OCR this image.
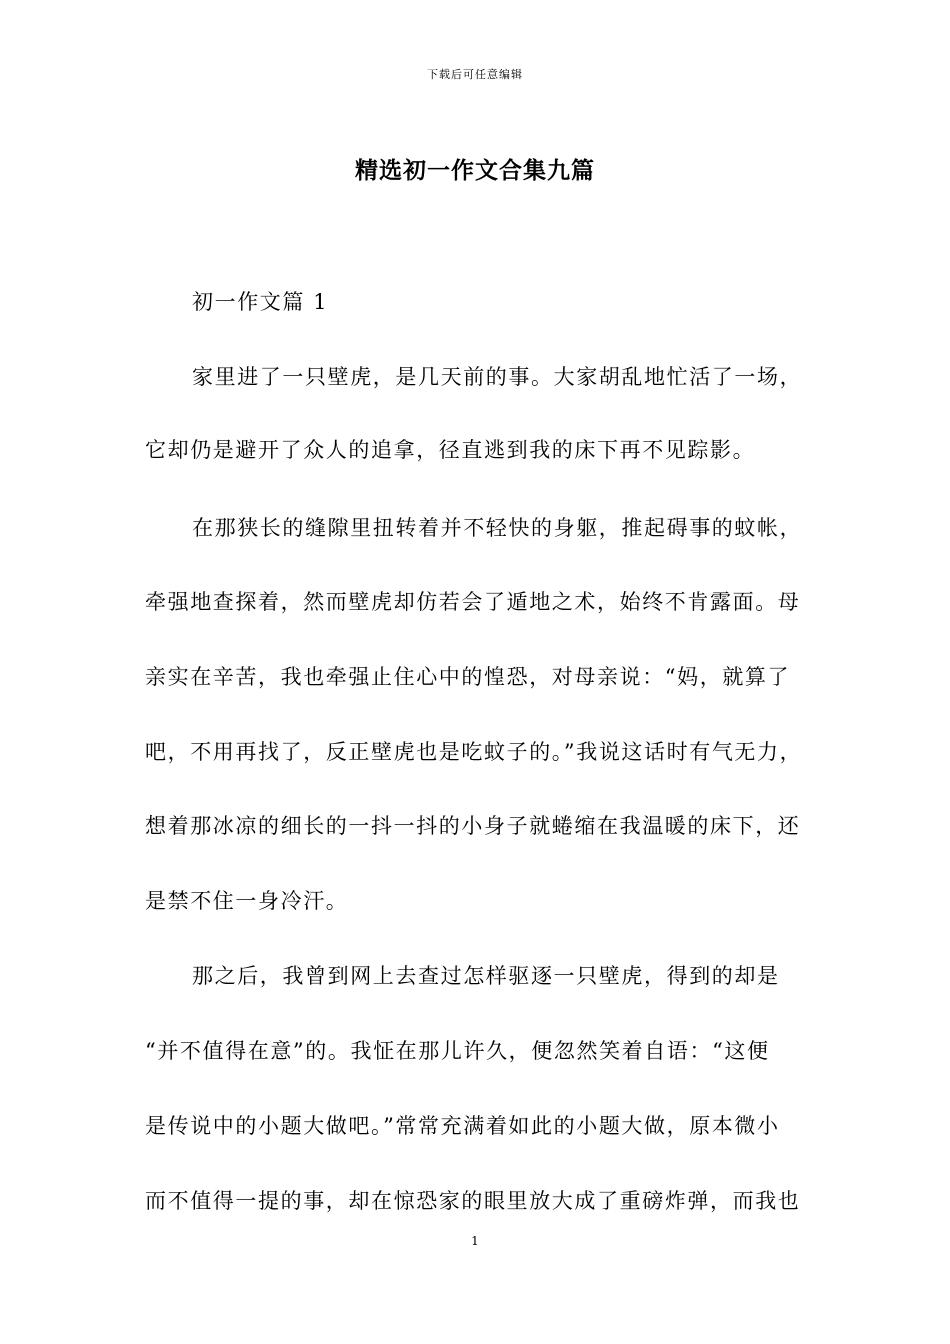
下载后可任意编辑
精选初一作文合集九篇
初一作文篇 1
家里进了一只壁虎，是几天前的事。大家胡乱地忙活了一场，
它却仍是避开了众人的追拿，径直逃到我的床下再不见踪影。
在那狭长的缝隙里扭转着并不轻快的身躯，推起碍事的蚊帐，
牵强地查探着，然而壁虎却仿若会了遁地之术，始终不肯露面。母
亲实在辛苦，我也牵强止住心中的惶恐，对母亲说：“妈，就算了
吧，不用再找了，反正壁虎也是吃蚊子的。”我说这话时有气无力，
想着那冰凉的细长的一抖一抖的小身子就蜷缩在我温暖的床下，还
是禁不住一身冷汗。
那之后，我曾到网上去查过怎样驱逐一只壁虎，得到的却是
“并不值得在意”的。我怔在那儿许久，便忽然笑着自语：“这便
是传说中的小题大做吧。”常常充满着如此的小题大做，原本微小
而不值得一提的事，却在惊恐家的眼里放大成了重磅炸弹，而我也
1
